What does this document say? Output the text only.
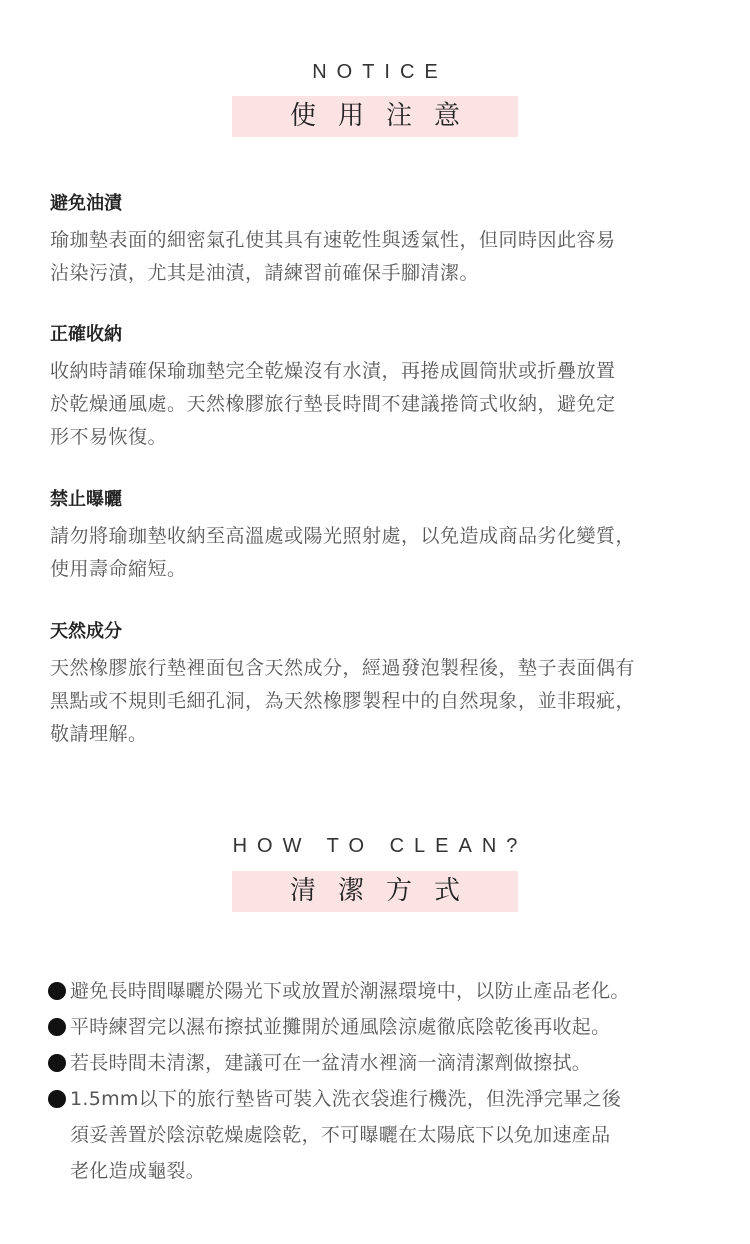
NOTICE
使用注意
避免油漬
瑜珈墊表面的細密氣孔使其具有速乾性與透氣性，但同時因此容易
沾染污漬，尤其是油漬，請練習前確保手腳清潔。
正確收納
收納時請確保瑜珈墊完全乾燥沒有水漬，再捲成圓筒狀或折疊放置
於乾燥通風處。天然橡膠旅行墊長時間不建議捲筒式收納，避免定
形不易恢復。
禁止曝曬
請勿將瑜珈墊收納至高溫處或陽光照射處，以免造成商品劣化變質，
使用壽命縮短。
天然成分
天然橡膠旅行墊裡面包含天然成分，經過發泡製程後，墊子表面偶有
黑點或不規則毛細孔洞，為天然橡膠製程中的自然現象，並非瑕疵，
敬請理解。
HOW TO CLEAN?
清潔方式
避免長時間曝曬於陽光下或放置於潮濕環境中，以防止產品老化。
平時練習完以濕布擦拭並攤開於通風陰涼處徹底陰乾後再收起。
若長時間未清潔，建議可在一盆清水裡滴一滴清潔劑做擦拭。
1.5mm以下的旅行墊皆可裝入洗衣袋進行機洗，但洗淨完畢之後
須妥善置於陰涼乾燥處陰乾，不可曝曬在太陽底下以免加速產品
老化造成龜裂。
